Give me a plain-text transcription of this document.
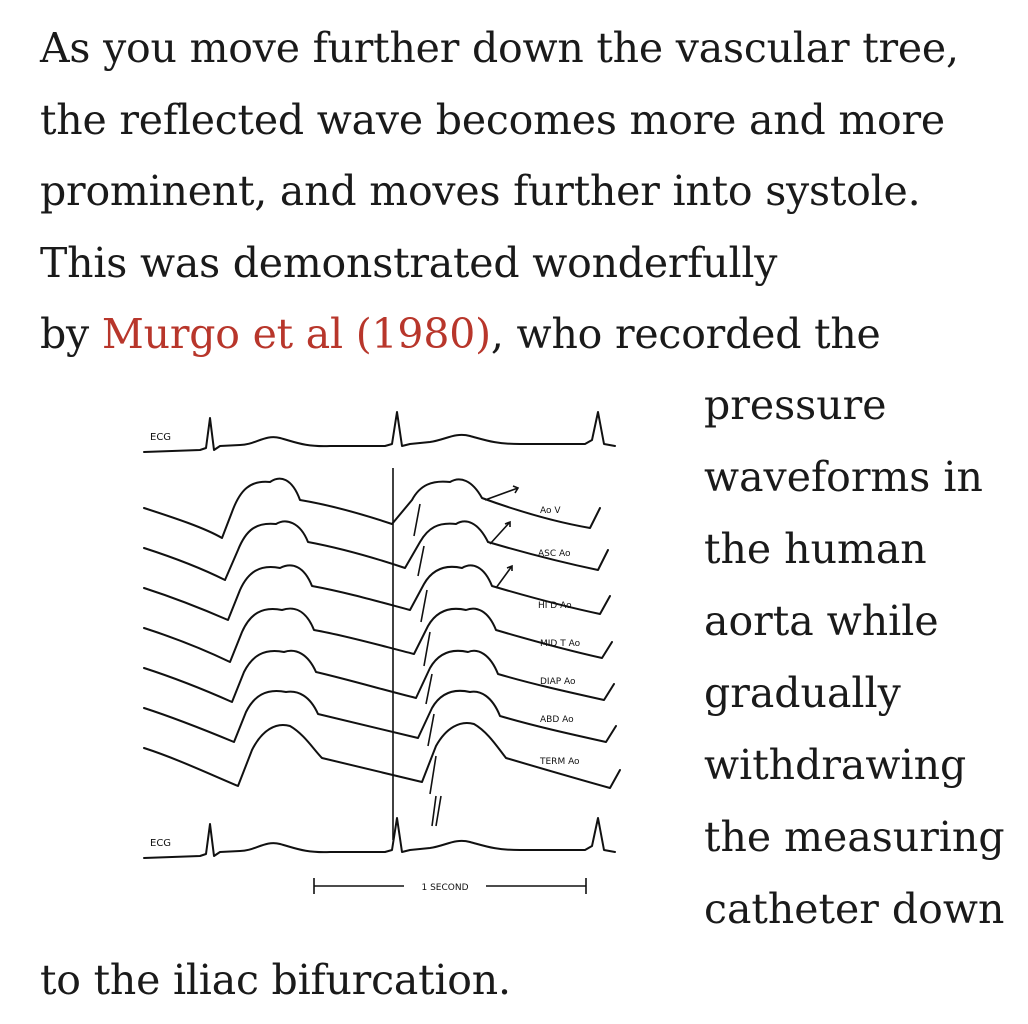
As you move further down the vascular tree,
the reflected wave becomes more and more
prominent, and moves further into systole.
This was demonstrated wonderfully
by Murgo et al (1980), who recorded the
pressure
waveforms in
the human
aorta while
gradually
withdrawing
the measuring
catheter down
to the iliac bifurcation.
ECG
ECG
Ao V
ASC Ao
HI D Ao
MID T Ao
DIAP Ao
ABD Ao
TERM Ao
1 SECOND
